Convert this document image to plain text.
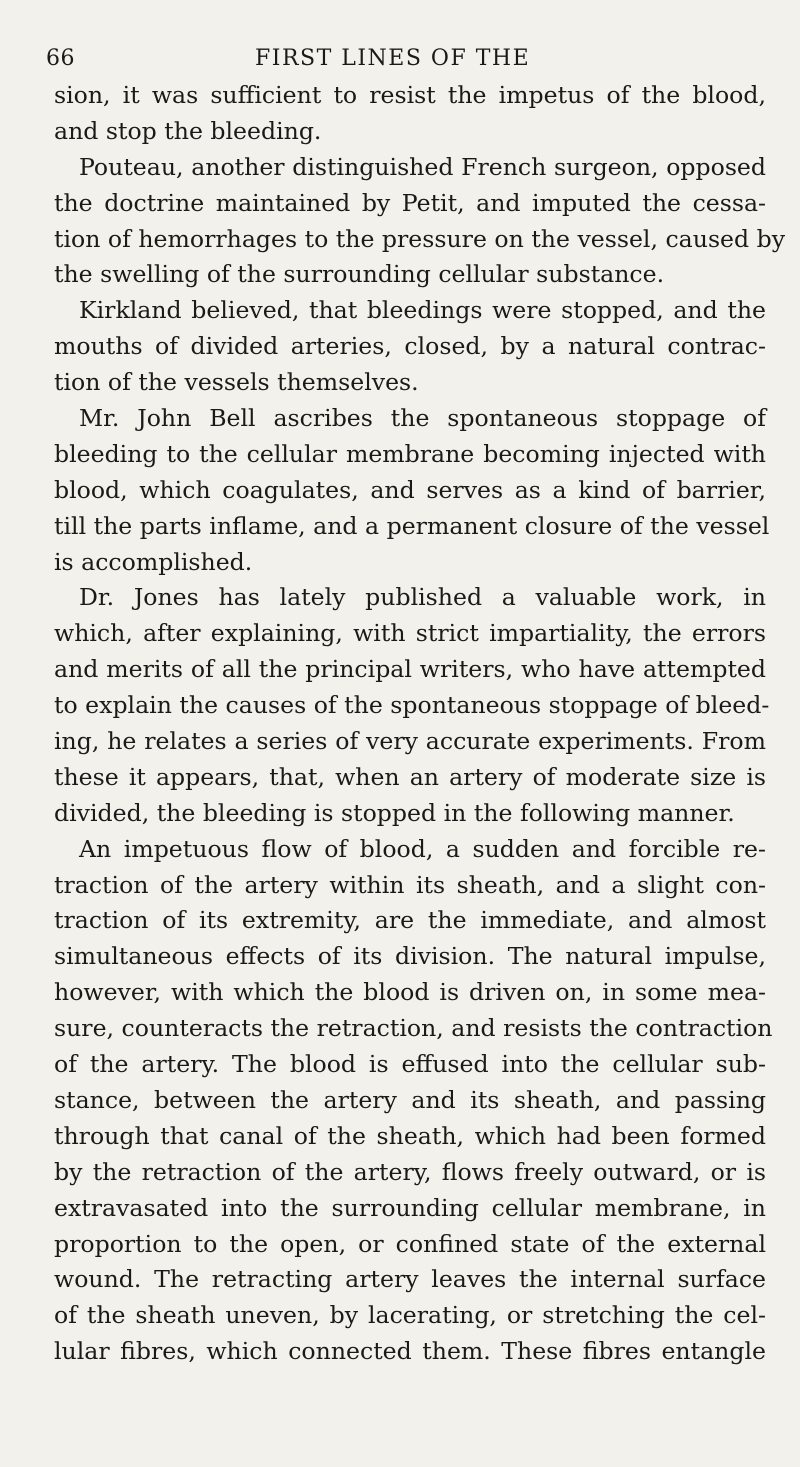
66	FIRST LINES OF THE
sion, it was sufficient to resist the impetus of the blood,
and stop the bleeding.
Pouteau, another distinguished French surgeon, opposed
the doctrine maintained by Petit, and imputed the cessa-
tion of hemorrhages to the pressure on the vessel, caused by
the swelling of the surrounding cellular substance.
Kirkland believed, that bleedings were stopped, and the
mouths of divided arteries, closed, by a natural contrac-
tion of the vessels themselves.
Mr. John Bell ascribes the spontaneous stoppage of
bleeding to the cellular membrane becoming injected with
blood, which coagulates, and serves as a kind of barrier,
till the parts inflame, and a permanent closure of the vessel
is accomplished.
Dr. Jones has lately published a valuable work, in
which, after explaining, with strict impartiality, the errors
and merits of all the principal writers, who have attempted
to explain the causes of the spontaneous stoppage of bleed-
ing, he relates a series of very accurate experiments. From
these it appears, that, when an artery of moderate size is
divided, the bleeding is stopped in the following manner.
An impetuous flow of blood, a sudden and forcible re-
traction of the artery within its sheath, and a slight con-
traction of its extremity, are the immediate, and almost
simultaneous effects of its division. The natural impulse,
however, with which the blood is driven on, in some mea-
sure, counteracts the retraction, and resists the contraction
of the artery. The blood is effused into the cellular sub-
stance, between the artery and its sheath, and passing
through that canal of the sheath, which had been formed
by the retraction of the artery, flows freely outward, or is
extravasated into the surrounding cellular membrane, in
proportion to the open, or confined state of the external
wound. The retracting artery leaves the internal surface
of the sheath uneven, by lacerating, or stretching the cel-
lular fibres, which connected them. These fibres entangle
